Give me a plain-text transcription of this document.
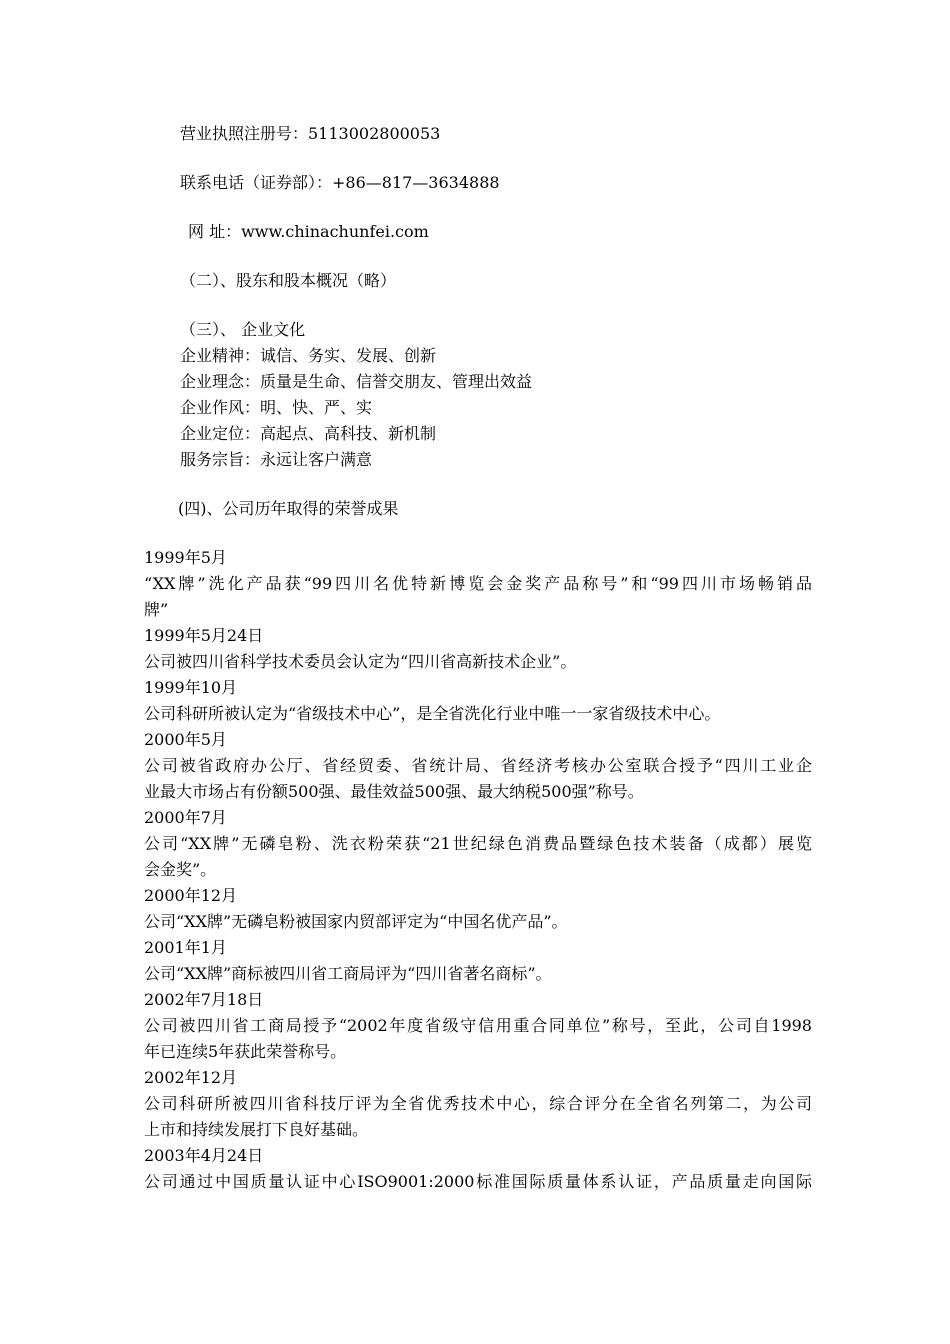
营业执照注册号：5113002800053
联系电话（证券部）：+86—817—3634888
网 址：www.chinachunfei.com
（二）、股东和股本概况（略）
（三）、 企业文化
企业精神：诚信、务实、发展、创新
企业理念：质量是生命、信誉交朋友、管理出效益
企业作风：明、快、严、实
企业定位：高起点、高科技、新机制
服务宗旨：永远让客户满意
(四)、公司历年取得的荣誉成果
1999年5月
“XX牌”洗化产品获“99四川名优特新博览会金奖产品称号”和“99四川市场畅销品
牌”
1999年5月24日
公司被四川省科学技术委员会认定为“四川省高新技术企业”。
1999年10月
公司科研所被认定为“省级技术中心”，是全省洗化行业中唯一一家省级技术中心。
2000年5月
公司被省政府办公厅、省经贸委、省统计局、省经济考核办公室联合授予“四川工业企
业最大市场占有份额500强、最佳效益500强、最大纳税500强”称号。
2000年7月
公司“XX牌”无磷皂粉、洗衣粉荣获“21世纪绿色消费品暨绿色技术装备（成都）展览
会金奖”。
2000年12月
公司“XX牌”无磷皂粉被国家内贸部评定为“中国名优产品”。
2001年1月
公司“XX牌”商标被四川省工商局评为“四川省著名商标”。
2002年7月18日
公司被四川省工商局授予“2002年度省级守信用重合同单位”称号，至此，公司自1998
年已连续5年获此荣誉称号。
2002年12月
公司科研所被四川省科技厅评为全省优秀技术中心，综合评分在全省名列第二，为公司
上市和持续发展打下良好基础。
2003年4月24日
公司通过中国质量认证中心ISO9001:2000标准国际质量体系认证，产品质量走向国际
